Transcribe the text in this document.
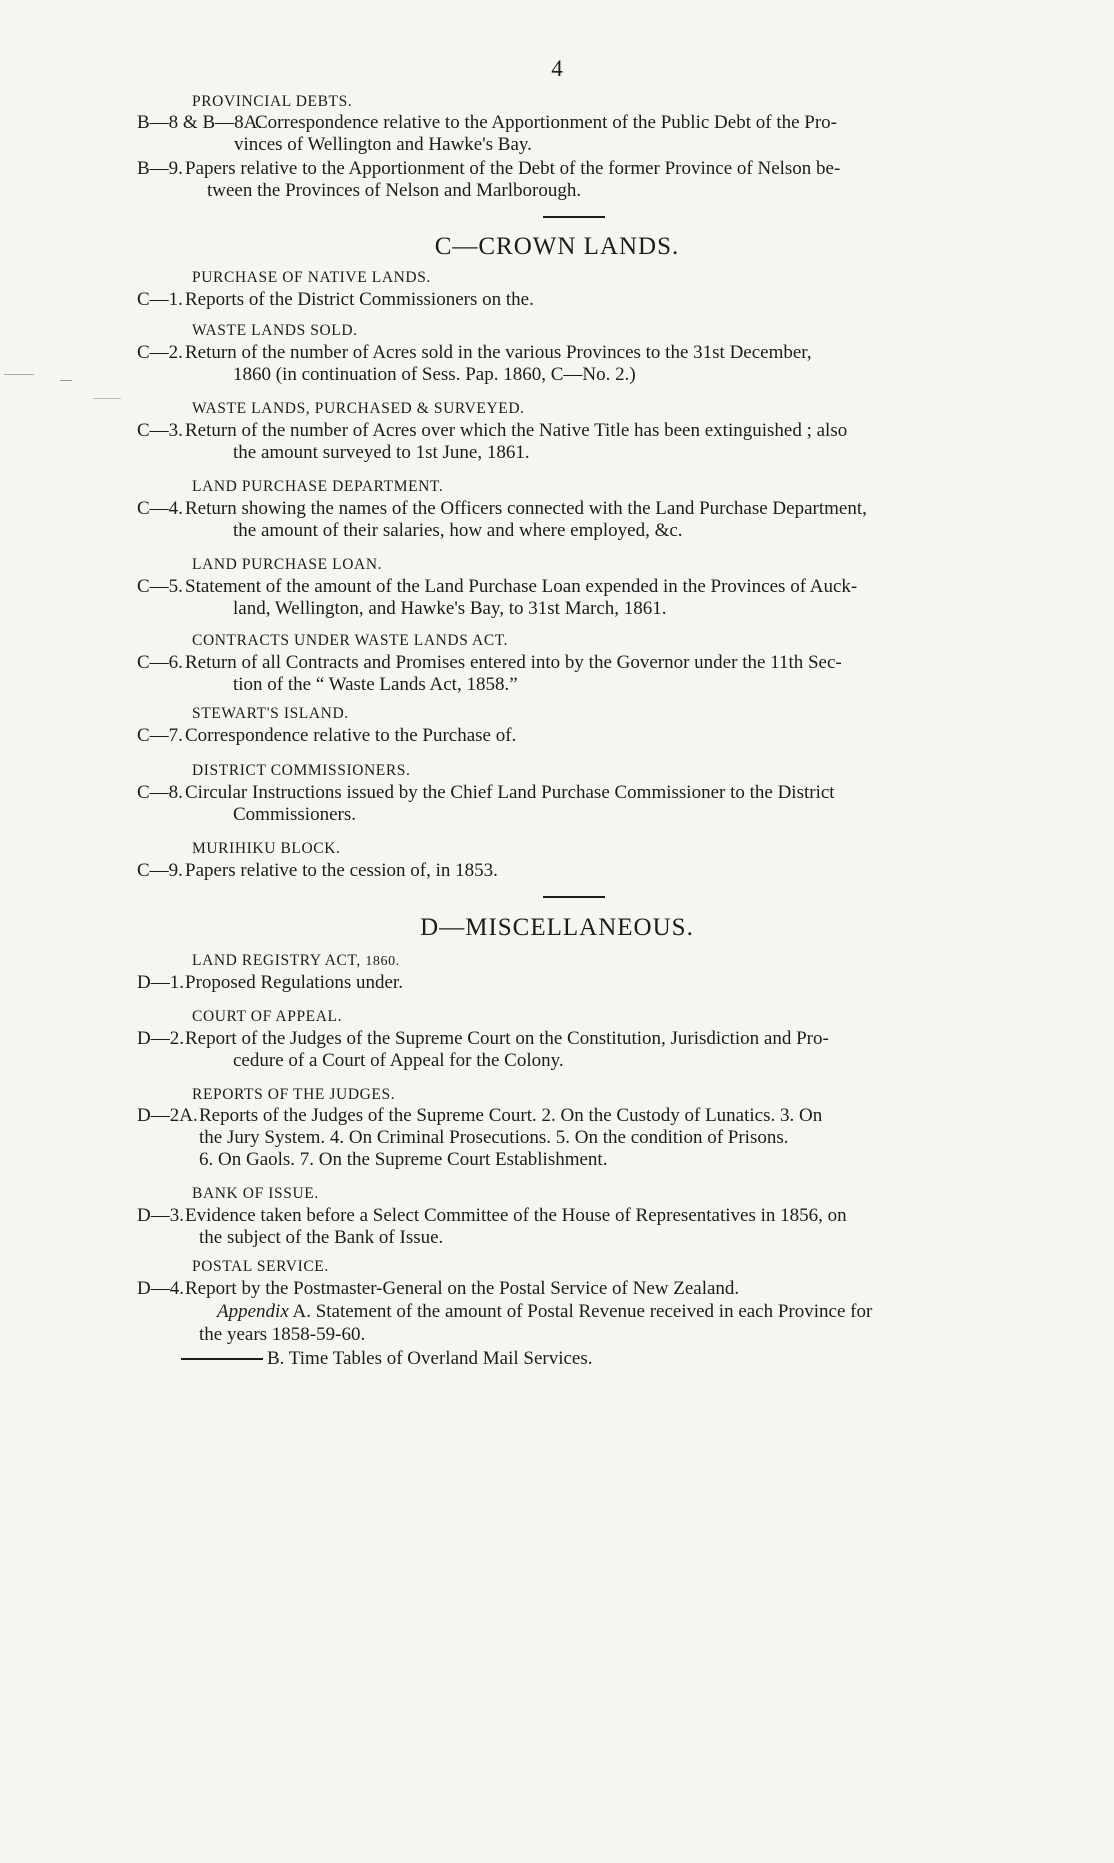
4
PROVINCIAL DEBTS.
B—8 & B—8A.
Correspondence relative to the Apportionment of the Public Debt of the Pro-
vinces of Wellington and Hawke's Bay.
B—9. Papers relative to the Apportionment of the Debt of the former Province of Nelson be-
tween the Provinces of Nelson and Marlborough.
C—CROWN LANDS.
PURCHASE OF NATIVE LANDS.
C—1. Reports of the District Commissioners on the.
WASTE LANDS SOLD.
C—2. Return of the number of Acres sold in the various Provinces to the 31st December,
1860 (in continuation of Sess. Pap. 1860, C—No. 2.)
WASTE LANDS, PURCHASED & SURVEYED.
C—3. Return of the number of Acres over which the Native Title has been extinguished ; also
the amount surveyed to 1st June, 1861.
LAND PURCHASE DEPARTMENT.
C—4. Return showing the names of the Officers connected with the Land Purchase Department,
the amount of their salaries, how and where employed, &c.
LAND PURCHASE LOAN.
C—5. Statement of the amount of the Land Purchase Loan expended in the Provinces of Auck-
land, Wellington, and Hawke's Bay, to 31st March, 1861.
CONTRACTS UNDER WASTE LANDS ACT.
C—6. Return of all Contracts and Promises entered into by the Governor under the 11th Sec-
tion of the “ Waste Lands Act, 1858.”
STEWART'S ISLAND.
C—7. Correspondence relative to the Purchase of.
DISTRICT COMMISSIONERS.
C—8. Circular Instructions issued by the Chief Land Purchase Commissioner to the District
Commissioners.
MURIHIKU BLOCK.
C—9. Papers relative to the cession of, in 1853.
D—MISCELLANEOUS.
LAND REGISTRY ACT, 1860.
D—1. Proposed Regulations under.
COURT OF APPEAL.
D—2. Report of the Judges of the Supreme Court on the Constitution, Jurisdiction and Pro-
cedure of a Court of Appeal for the Colony.
REPORTS OF THE JUDGES.
D—2A. Reports of the Judges of the Supreme Court. 2. On the Custody of Lunatics. 3. On
the Jury System. 4. On Criminal Prosecutions. 5. On the condition of Prisons.
6. On Gaols. 7. On the Supreme Court Establishment.
BANK OF ISSUE.
D—3. Evidence taken before a Select Committee of the House of Representatives in 1856, on
the subject of the Bank of Issue.
POSTAL SERVICE.
D—4. Report by the Postmaster-General on the Postal Service of New Zealand.
Appendix A. Statement of the amount of Postal Revenue received in each Province for
the years 1858-59-60.
B. Time Tables of Overland Mail Services.
